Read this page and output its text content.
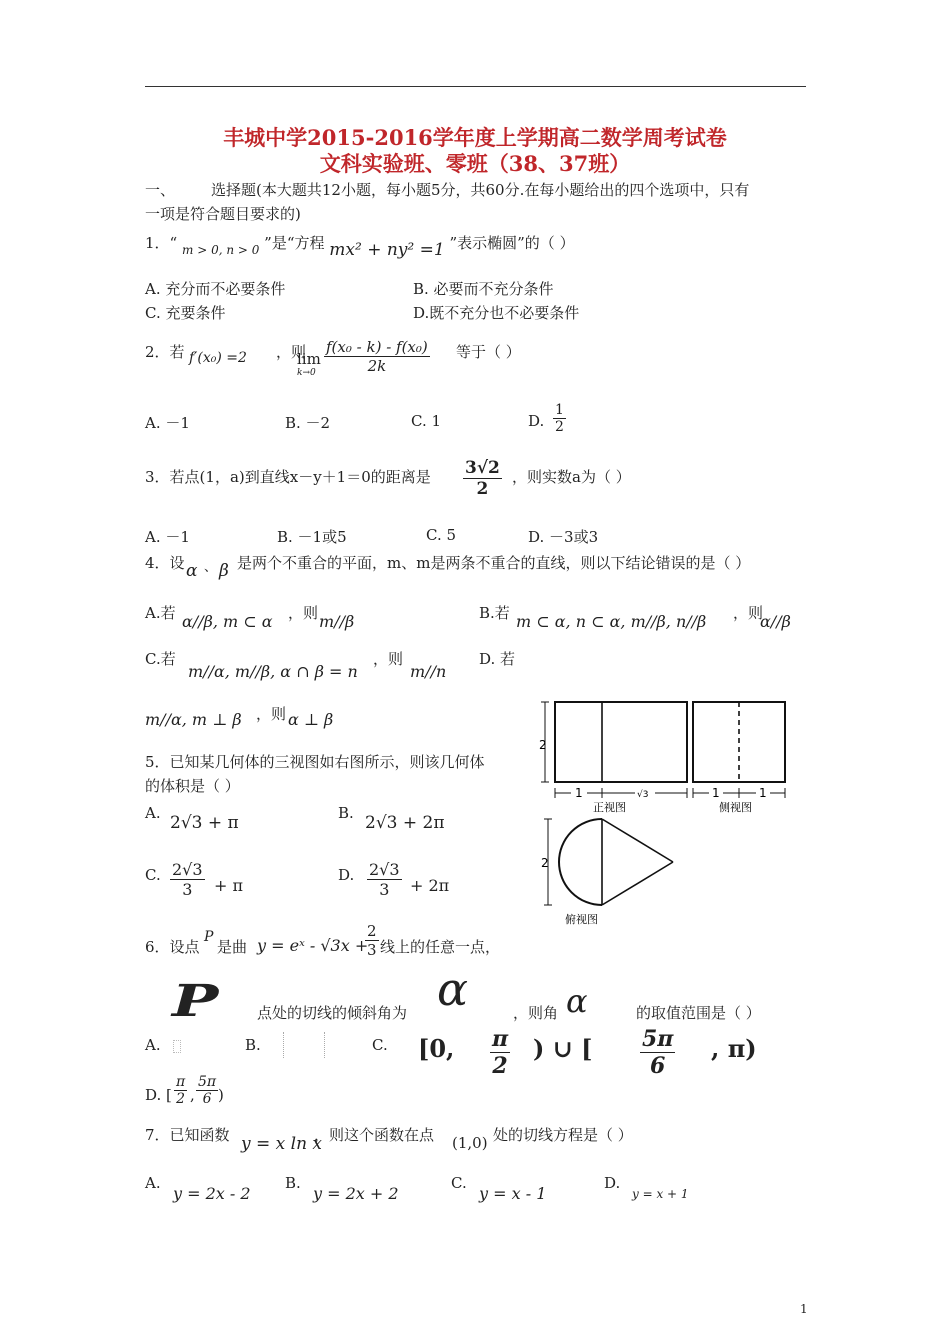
丰城中学2015-2016学年度上学期高二数学周考试卷
文科实验班、零班（38、37班）
一、 选择题(本大题共12小题，每小题5分，共60分.在每小题给出的四个选项中，只有
一项是符合题目要求的)
1．“ $_{m > 0, n > 0}$ ”是“方程 mx² + ny² =1 ”表示椭圆”的（ ）
A. 充分而不必要条件	B. 必要而不充分条件
C. 充要条件	D.既不充分也不必要条件
2．若 f′(x₀) =2 ，则
lim
$k\to 0 \frac{\text{f(x₀ - k) - f(x₀)}}{2k}$ 等于（ ）
A. －1	B. －2	C. 1	D. $\frac{1}{2}$
3．若点(1，a)到直线x－y＋1＝0的距离是 $\frac{3√2}{2}$ ，则实数a为（ ）
A. －1	B. －1或5	C. 5	D. －3或3
4．设 α 、 β 是两个不重合的平面，m、m是两条不重合的直线，则以下结论错误的是（ ）
A.若 α//β, m ⊂ α ，则 m//β	B.若 m ⊂ α, n ⊂ α, m//β, n//β ，则
α//β
C.若
m//α, m//β, α ∩ β = n
，则
m//n
D. 若
m//α, m ⊥ β ，则 α ⊥ β
5．已知某几何体的三视图如右图所示，则该几何体
的体积是（ ）
A. 2√3 + π	B. 2√3 + 2π
C. $\frac{2√3}{3} + \pi$
D. $\frac{2√3}{3} + 2\pi$
2
1	√3
正视图
1	1
侧视图
2
俯视图
6．设点
P
是曲 y = eˣ - √3x +
$\frac{2}{3}$ 线上的任意一点，
P	点处的切线的倾斜角为 α	，则角 α	的取值范围是（ ）
A.	B.	C. [0, $\frac{\pi}{2}$ ) ∪ [ $\frac{5\pi}{6}$ , π)
D. [ $\frac{\pi}{2}$ , $\frac{5\pi}{6}$ )
7．已知函数 y = x ln x
，则这个函数在点 (1,0) 处的切线方程是（ ）
A.
y = 2x - 2
B.
y = 2x + 2
C.
y = x - 1
D.
y = x + 1
1
